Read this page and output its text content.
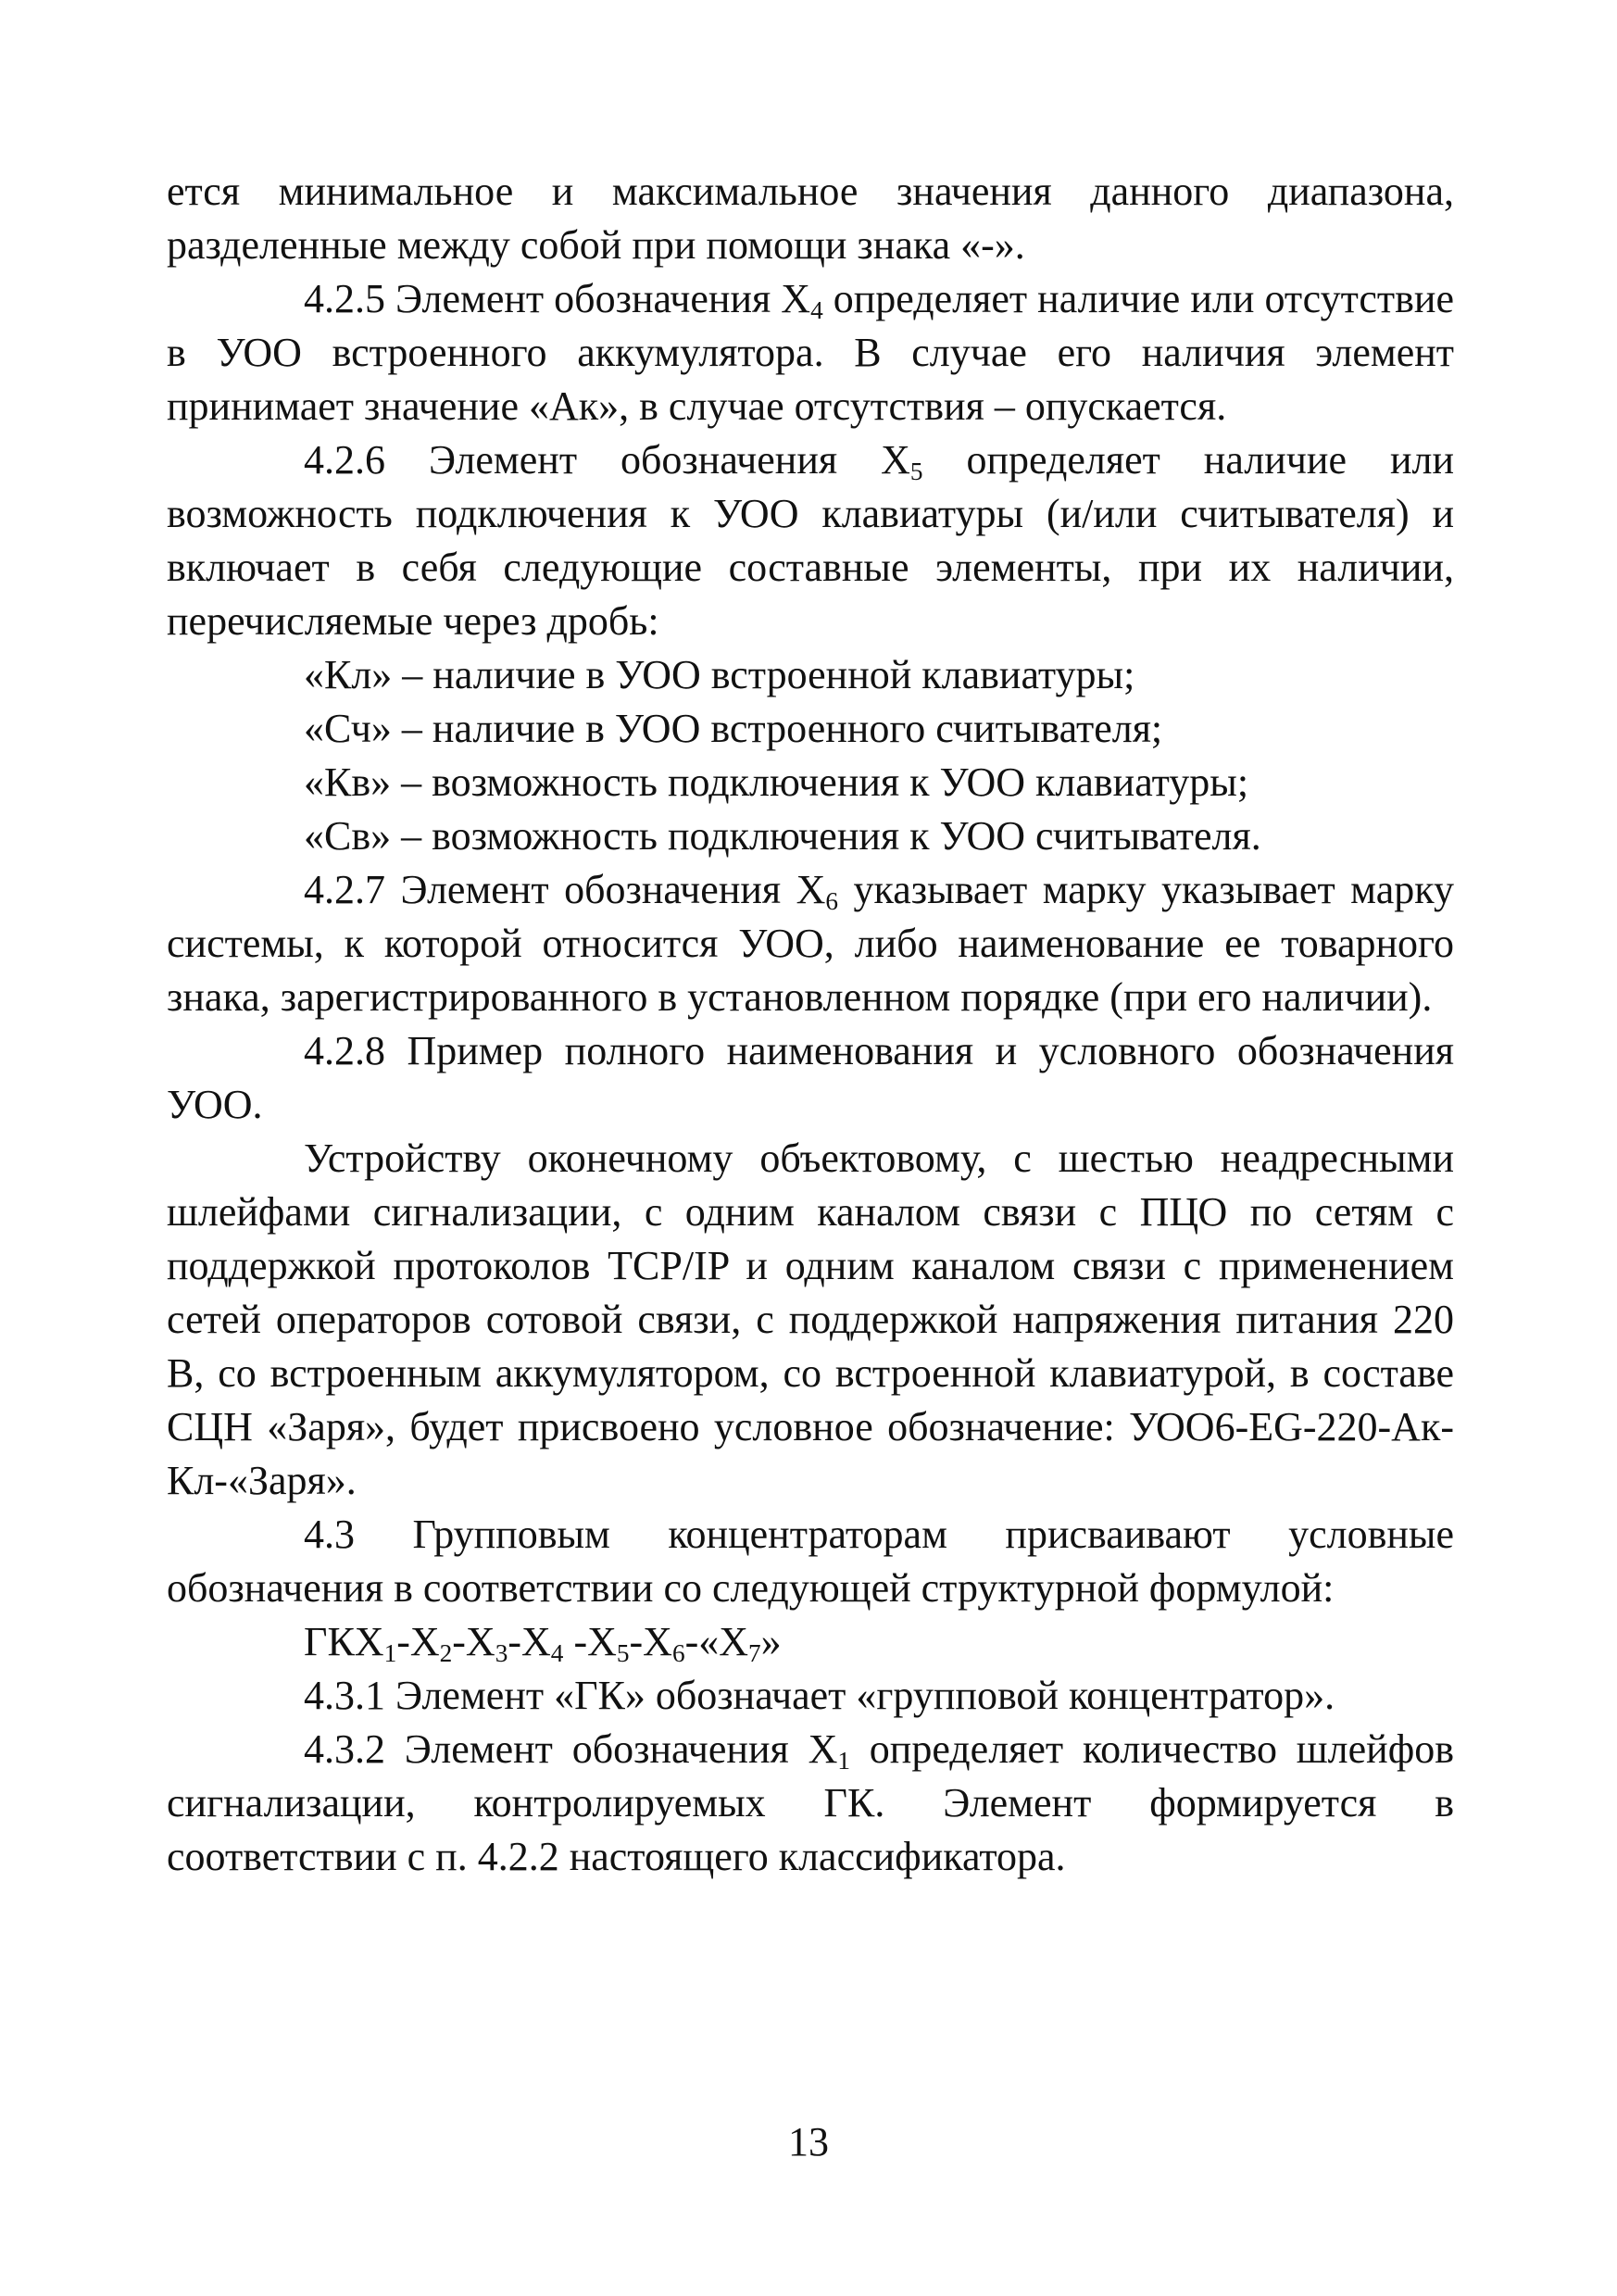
ется минимальное и максимальное значения данного диапазона, разделенные между собой при помощи знака «-».

4.2.5 Элемент обозначения $Х_4$ определяет наличие или отсутствие в УОО встроенного аккумулятора. В случае его наличия элемент принимает значение «Ак», в случае отсутствия – опускается.

4.2.6 Элемент обозначения $Х_5$ определяет наличие или возможность подключения к УОО клавиатуры (и/или считывателя) и включает в себя следующие составные элементы, при их наличии, перечисляемые через дробь:

«Кл» – наличие в УОО встроенной клавиатуры;

«Сч» – наличие в УОО встроенного считывателя;

«Кв» – возможность подключения к УОО клавиатуры;

«Св» – возможность подключения к УОО считывателя.

4.2.7 Элемент обозначения $Х_6$ указывает марку указывает марку системы, к которой относится УОО, либо наименование ее товарного знака, зарегистрированного в установленном порядке (при его наличии).

4.2.8 Пример полного наименования и условного обозначения УОО.

Устройству оконечному объектовому, с шестью неадресными шлейфами сигнализации, с одним каналом связи с ПЦО по сетям с поддержкой протоколов TCP/IP и одним каналом связи с применением сетей операторов сотовой связи, с поддержкой напряжения питания 220 В, со встроенным аккумулятором, со встроенной клавиатурой, в составе СЦН «Заря», будет присвоено условное обозначение: УОО6-EG-220-Ак-Кл-«Заря».

4.3 Групповым концентраторам присваивают условные обозначения в соответствии со следующей структурной формулой:

$ГКХ_1-Х_2-Х_3-Х_4$ $-Х_5-Х_6-«Х_7$»

4.3.1 Элемент «ГК» обозначает «групповой концентратор».

4.3.2 Элемент обозначения $Х_1$ определяет количество шлейфов сигнализации, контролируемых ГК. Элемент формируется в соответствии с п. 4.2.2 настоящего классификатора.

13
